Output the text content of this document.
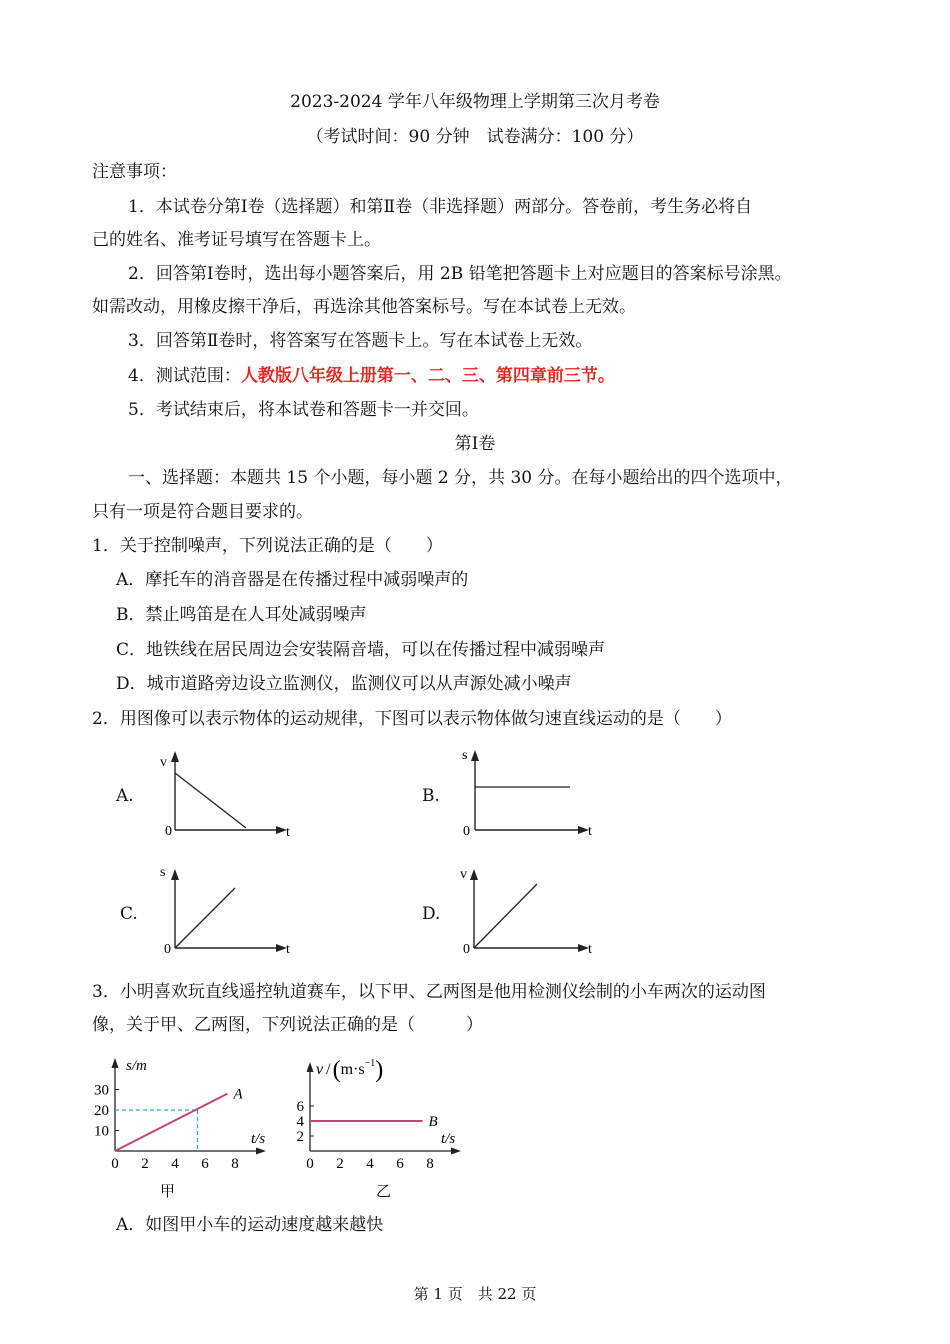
2023-2024 学年八年级物理上学期第三次月考卷
（考试时间：90 分钟　试卷满分：100 分）
注意事项：
1．本试卷分第Ⅰ卷（选择题）和第Ⅱ卷（非选择题）两部分。答卷前，考生务必将自
己的姓名、准考证号填写在答题卡上。
2．回答第Ⅰ卷时，选出每小题答案后，用 2B 铅笔把答题卡上对应题目的答案标号涂黑。
如需改动，用橡皮擦干净后，再选涂其他答案标号。写在本试卷上无效。
3．回答第Ⅱ卷时，将答案写在答题卡上。写在本试卷上无效。
4．测试范围：人教版八年级上册第一、二、三、第四章前三节。
5．考试结束后，将本试卷和答题卡一并交回。
第Ⅰ卷
一、选择题：本题共 15 个小题，每小题 2 分，共 30 分。在每小题给出的四个选项中，
只有一项是符合题目要求的。
1．关于控制噪声，下列说法正确的是（　　）
A．摩托车的消音器是在传播过程中减弱噪声的
B．禁止鸣笛是在人耳处减弱噪声
C．地铁线在居民周边会安装隔音墙，可以在传播过程中减弱噪声
D．城市道路旁边设立监测仪，监测仪可以从声源处减小噪声
2．用图像可以表示物体的运动规律，下图可以表示物体做匀速直线运动的是（　　）
A.
v
t
0
B.
s
t
0
C.
s
t
0
D.
v
t
0
3．小明喜欢玩直线遥控轨道赛车，以下甲、乙两图是他用检测仪绘制的小车两次的运动图
像，关于甲、乙两图，下列说法正确的是（　　　）
s/m
t/s
甲
0 2 4 6 8
10
20
30	A
v $/(m\cdot s^{-1})$
t/s
乙
0 2 4 6 8
2
4
6
B
A．如图甲小车的运动速度越来越快
第 1 页　共 22 页
